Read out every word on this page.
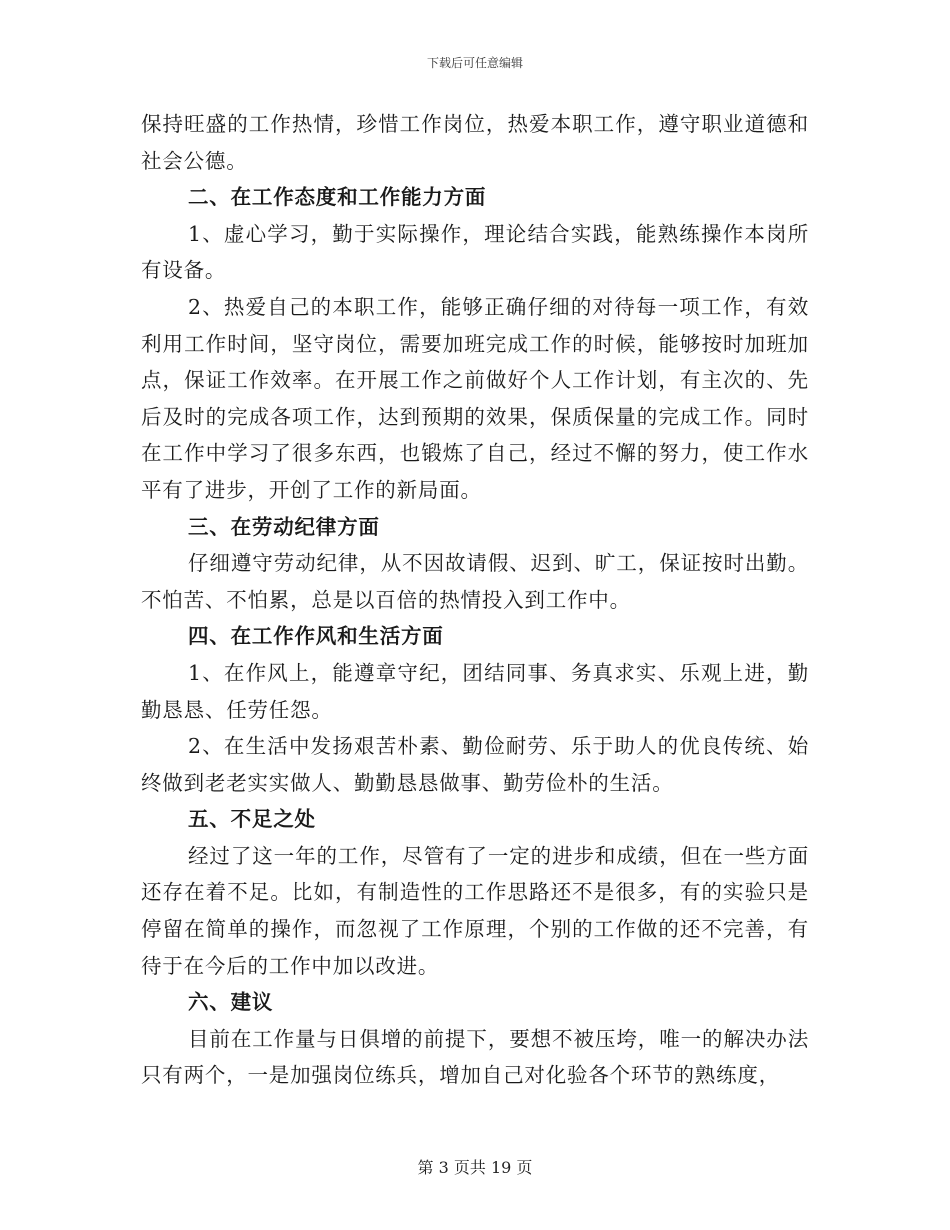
下载后可任意编辑

保持旺盛的工作热情，珍惜工作岗位，热爱本职工作，遵守职业道德和社会公德。

二、在工作态度和工作能力方面

1、虚心学习，勤于实际操作，理论结合实践，能熟练操作本岗所有设备。

2、热爱自己的本职工作，能够正确仔细的对待每一项工作，有效利用工作时间，坚守岗位，需要加班完成工作的时候，能够按时加班加点，保证工作效率。在开展工作之前做好个人工作计划，有主次的、先后及时的完成各项工作，达到预期的效果，保质保量的完成工作。同时在工作中学习了很多东西，也锻炼了自己，经过不懈的努力，使工作水平有了进步，开创了工作的新局面。

三、在劳动纪律方面

仔细遵守劳动纪律，从不因故请假、迟到、旷工，保证按时出勤。不怕苦、不怕累，总是以百倍的热情投入到工作中。

四、在工作作风和生活方面

1、在作风上，能遵章守纪，团结同事、务真求实、乐观上进，勤勤恳恳、任劳任怨。

2、在生活中发扬艰苦朴素、勤俭耐劳、乐于助人的优良传统、始终做到老老实实做人、勤勤恳恳做事、勤劳俭朴的生活。

五、不足之处

经过了这一年的工作，尽管有了一定的进步和成绩，但在一些方面还存在着不足。比如，有制造性的工作思路还不是很多，有的实验只是停留在简单的操作，而忽视了工作原理，个别的工作做的还不完善，有待于在今后的工作中加以改进。

六、建议

目前在工作量与日俱增的前提下，要想不被压垮，唯一的解决办法只有两个，一是加强岗位练兵，增加自己对化验各个环节的熟练度，

第 3 页共 19 页
